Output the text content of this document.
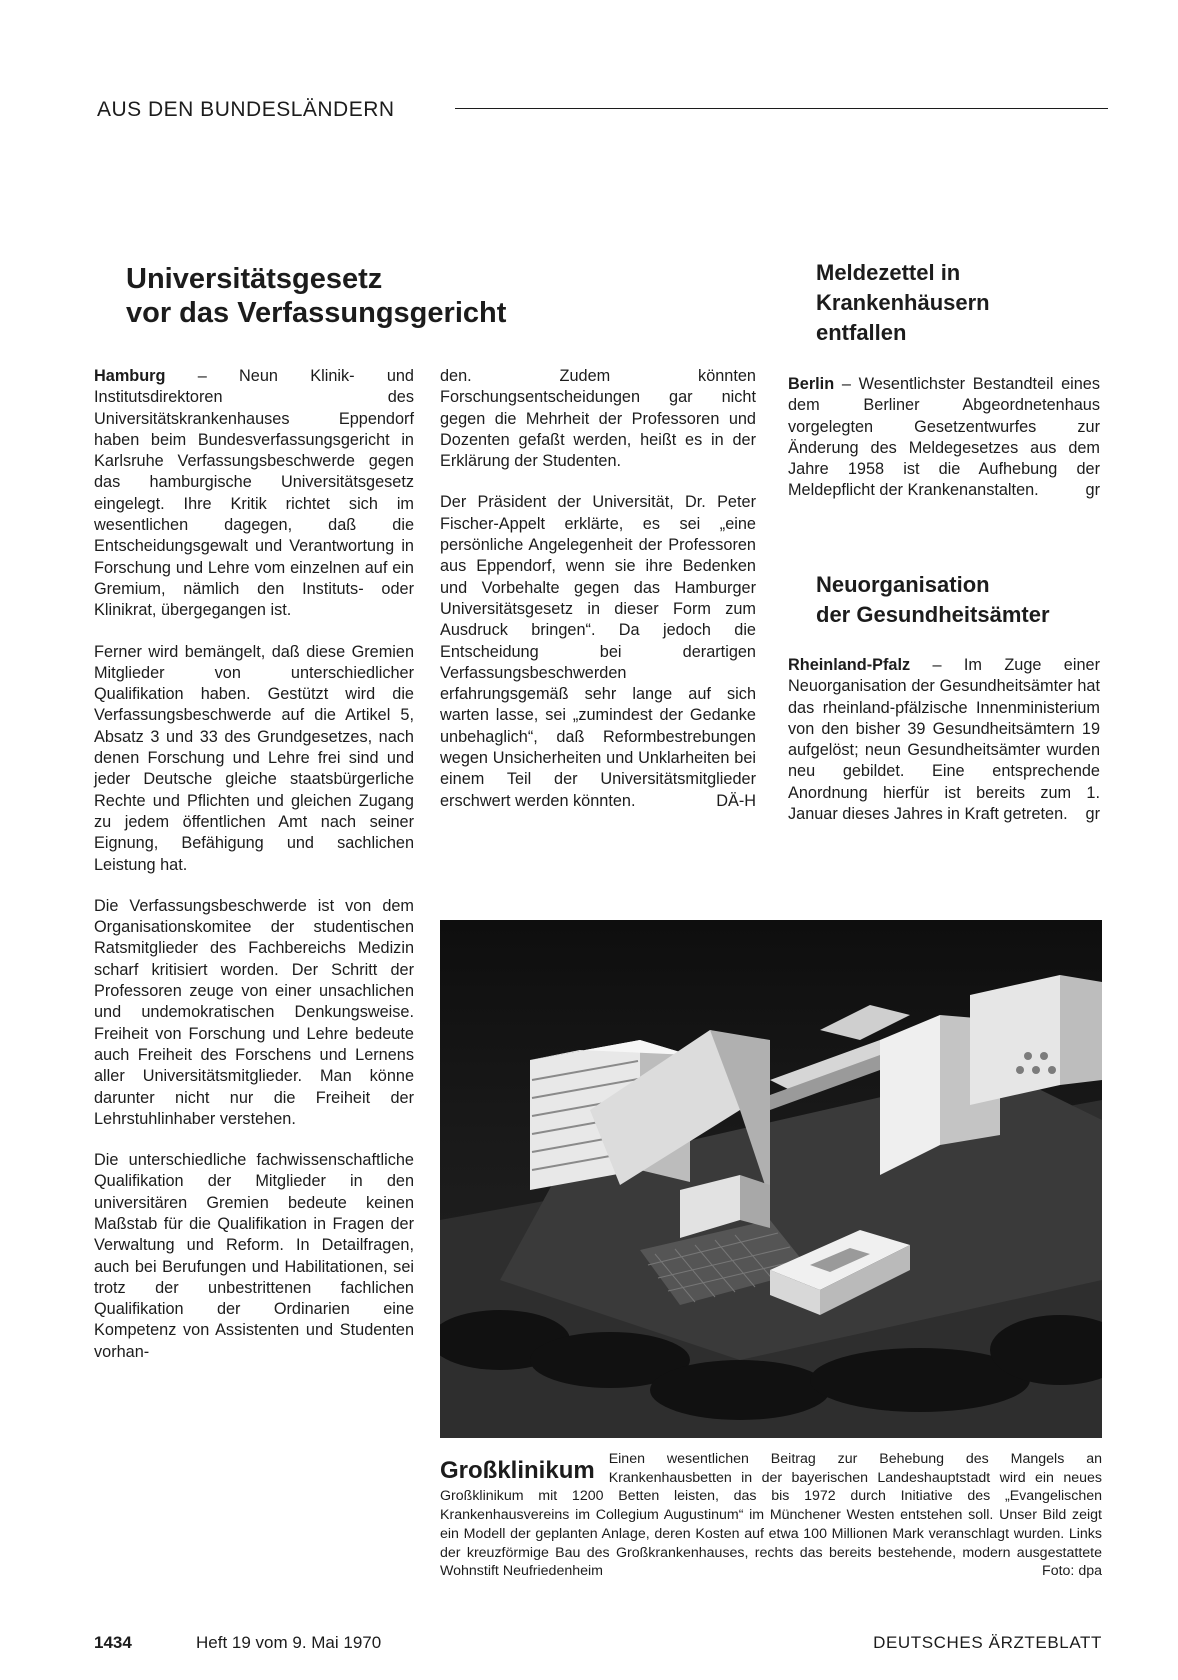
AUS DEN BUNDESLÄNDERN
Universitätsgesetz
vor das Verfassungsgericht

Hamburg – Neun Klinik- und Institutsdirektoren des Universitätskrankenhauses Eppendorf haben beim Bundesverfassungsgericht in Karlsruhe Verfassungsbeschwerde gegen das hamburgische Universitätsgesetz eingelegt. Ihre Kritik richtet sich im wesentlichen dagegen, daß die Entscheidungsgewalt und Verantwortung in Forschung und Lehre vom einzelnen auf ein Gremium, nämlich den Instituts- oder Klinikrat, übergegangen ist.

Ferner wird bemängelt, daß diese Gremien Mitglieder von unterschiedlicher Qualifikation haben. Gestützt wird die Verfassungsbeschwerde auf die Artikel 5, Absatz 3 und 33 des Grundgesetzes, nach denen Forschung und Lehre frei sind und jeder Deutsche gleiche staatsbürgerliche Rechte und Pflichten und gleichen Zugang zu jedem öffentlichen Amt nach seiner Eignung, Befähigung und sachlichen Leistung hat.

Die Verfassungsbeschwerde ist von dem Organisationskomitee der studentischen Ratsmitglieder des Fachbereichs Medizin scharf kritisiert worden. Der Schritt der Professoren zeuge von einer unsachlichen und undemokratischen Denkungsweise. Freiheit von Forschung und Lehre bedeute auch Freiheit des Forschens und Lernens aller Universitätsmitglieder. Man könne darunter nicht nur die Freiheit der Lehrstuhlinhaber verstehen.

Die unterschiedliche fachwissenschaftliche Qualifikation der Mitglieder in den universitären Gremien bedeute keinen Maßstab für die Qualifikation in Fragen der Verwaltung und Reform. In Detailfragen, auch bei Berufungen und Habilitationen, sei trotz der unbestrittenen fachlichen Qualifikation der Ordinarien eine Kompetenz von Assistenten und Studenten vorhan-

den. Zudem könnten Forschungsentscheidungen gar nicht gegen die Mehrheit der Professoren und Dozenten gefaßt werden, heißt es in der Erklärung der Studenten.

Der Präsident der Universität, Dr. Peter Fischer-Appelt erklärte, es sei „eine persönliche Angelegenheit der Professoren aus Eppendorf, wenn sie ihre Bedenken und Vorbehalte gegen das Hamburger Universitätsgesetz in dieser Form zum Ausdruck bringen“. Da jedoch die Entscheidung bei derartigen Verfassungsbeschwerden erfahrungsgemäß sehr lange auf sich warten lasse, sei „zumindest der Gedanke unbehaglich“, daß Reformbestrebungen wegen Unsicherheiten und Unklarheiten bei einem Teil der Universitätsmitglieder erschwert werden könnten.	DÄ-H

Meldezettel in
Krankenhäusern
entfallen

Berlin – Wesentlichster Bestandteil eines dem Berliner Abgeordnetenhaus vorgelegten Gesetzentwurfes zur Änderung des Meldegesetzes aus dem Jahre 1958 ist die Aufhebung der Meldepflicht der Krankenanstalten.	gr

Neuorganisation
der Gesundheitsämter

Rheinland-Pfalz – Im Zuge einer Neuorganisation der Gesundheitsämter hat das rheinland-pfälzische Innenministerium von den bisher 39 Gesundheitsämtern 19 aufgelöst; neun Gesundheitsämter wurden neu gebildet. Eine entsprechende Anordnung hierfür ist bereits zum 1. Januar dieses Jahres in Kraft getreten. gr

Großklinikum Einen wesentlichen Beitrag zur Behebung des Mangels an Krankenhausbetten in der bayerischen Landeshauptstadt wird ein neues Großklinikum mit 1200 Betten leisten, das bis 1972 durch Initiative des „Evangelischen Krankenhausvereins im Collegium Augustinum“ im Münchener Westen entstehen soll. Unser Bild zeigt ein Modell der geplanten Anlage, deren Kosten auf etwa 100 Millionen Mark veranschlagt wurden. Links der kreuzförmige Bau des Großkrankenhauses, rechts das bereits bestehende, modern ausgestattete Wohnstift Neufriedenheim	Foto: dpa
1434	Heft 19 vom 9. Mai 1970	DEUTSCHES ÄRZTEBLATT
